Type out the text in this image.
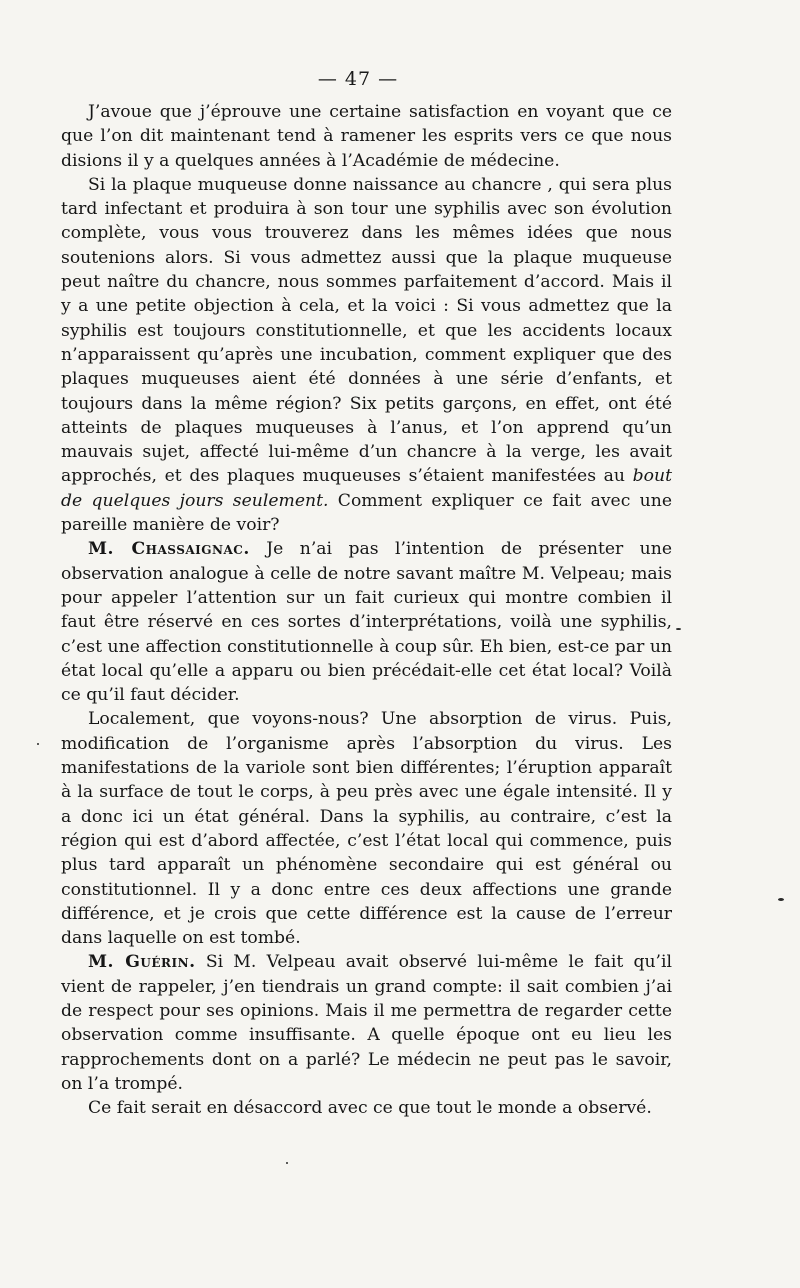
— 47 —

J’avoue que j’éprouve une certaine satisfaction en voyant que ce que l’on dit maintenant tend à ramener les esprits vers ce que nous disions il y a quelques années à l’Académie de médecine.

Si la plaque muqueuse donne naissance au chancre , qui sera plus tard infectant et produira à son tour une syphilis avec son évolution complète, vous vous trouverez dans les mêmes idées que nous soutenions alors. Si vous admettez aussi que la plaque muqueuse peut naître du chancre, nous sommes parfaitement d’accord. Mais il y a une petite objection à cela, et la voici : Si vous admettez que la syphilis est toujours constitutionnelle, et que les accidents locaux n’apparaissent qu’après une incubation, comment expliquer que des plaques muqueuses aient été données à une série d’enfants, et toujours dans la même région? Six petits garçons, en effet, ont été atteints de plaques muqueuses à l’anus, et l’on apprend qu’un mauvais sujet, affecté lui-même d’un chancre à la verge, les avait approchés, et des plaques muqueuses s’étaient manifestées au bout de quelques jours seulement. Comment expliquer ce fait avec une pareille manière de voir?

M. Chassaignac. Je n’ai pas l’intention de présenter une observation analogue à celle de notre savant maître M. Velpeau; mais pour appeler l’attention sur un fait curieux qui montre combien il faut être réservé en ces sortes d’interprétations, voilà une syphilis, c’est une affection constitutionnelle à coup sûr. Eh bien, est-ce par un état local qu’elle a apparu ou bien précédait-elle cet état local? Voilà ce qu’il faut décider.

Localement, que voyons-nous? Une absorption de virus. Puis, modification de l’organisme après l’absorption du virus. Les manifestations de la variole sont bien différentes; l’éruption apparaît à la surface de tout le corps, à peu près avec une égale intensité. Il y a donc ici un état général. Dans la syphilis, au contraire, c’est la région qui est d’abord affectée, c’est l’état local qui commence, puis plus tard apparaît un phénomène secondaire qui est général ou constitutionnel. Il y a donc entre ces deux affections une grande différence, et je crois que cette différence est la cause de l’erreur dans laquelle on est tombé.

M. Guérin. Si M. Velpeau avait observé lui-même le fait qu’il vient de rappeler, j’en tiendrais un grand compte: il sait combien j’ai de respect pour ses opinions. Mais il me permettra de regarder cette observation comme insuffisante. A quelle époque ont eu lieu les rapprochements dont on a parlé? Le médecin ne peut pas le savoir, on l’a trompé.

Ce fait serait en désaccord avec ce que tout le monde a observé.
